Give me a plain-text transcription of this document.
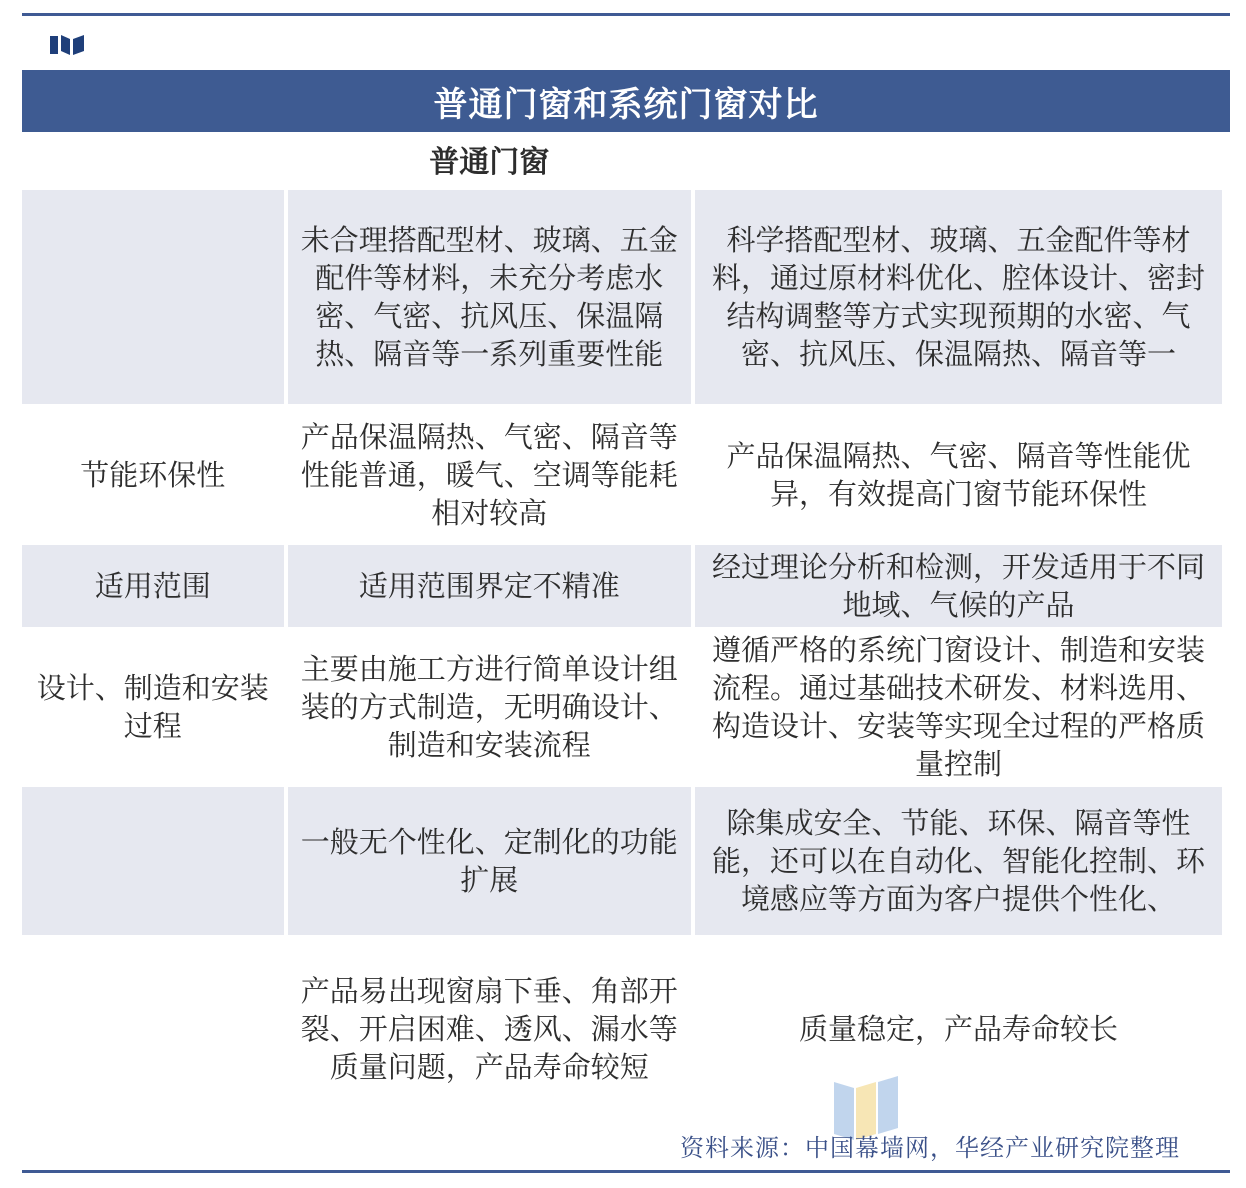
普通门窗和系统门窗对比
	普通门窗	
	未合理搭配型材、玻璃、五金配件等材料，未充分考虑水密、气密、抗风压、保温隔热、隔音等一系列重要性能	科学搭配型材、玻璃、五金配件等材料，通过原材料优化、腔体设计、密封结构调整等方式实现预期的水密、气密、抗风压、保温隔热、隔音等一
节能环保性	产品保温隔热、气密、隔音等性能普通，暖气、空调等能耗相对较高	产品保温隔热、气密、隔音等性能优异，有效提高门窗节能环保性
适用范围	适用范围界定不精准	经过理论分析和检测，开发适用于不同地域、气候的产品
设计、制造和安装过程	主要由施工方进行简单设计组装的方式制造，无明确设计、制造和安装流程	遵循严格的系统门窗设计、制造和安装流程。通过基础技术研发、材料选用、构造设计、安装等实现全过程的严格质量控制
	一般无个性化、定制化的功能扩展	除集成安全、节能、环保、隔音等性能，还可以在自动化、智能化控制、环境感应等方面为客户提供个性化、
	产品易出现窗扇下垂、角部开裂、开启困难、透风、漏水等质量问题，产品寿命较短	质量稳定，产品寿命较长
资料来源：中国幕墙网，华经产业研究院整理
